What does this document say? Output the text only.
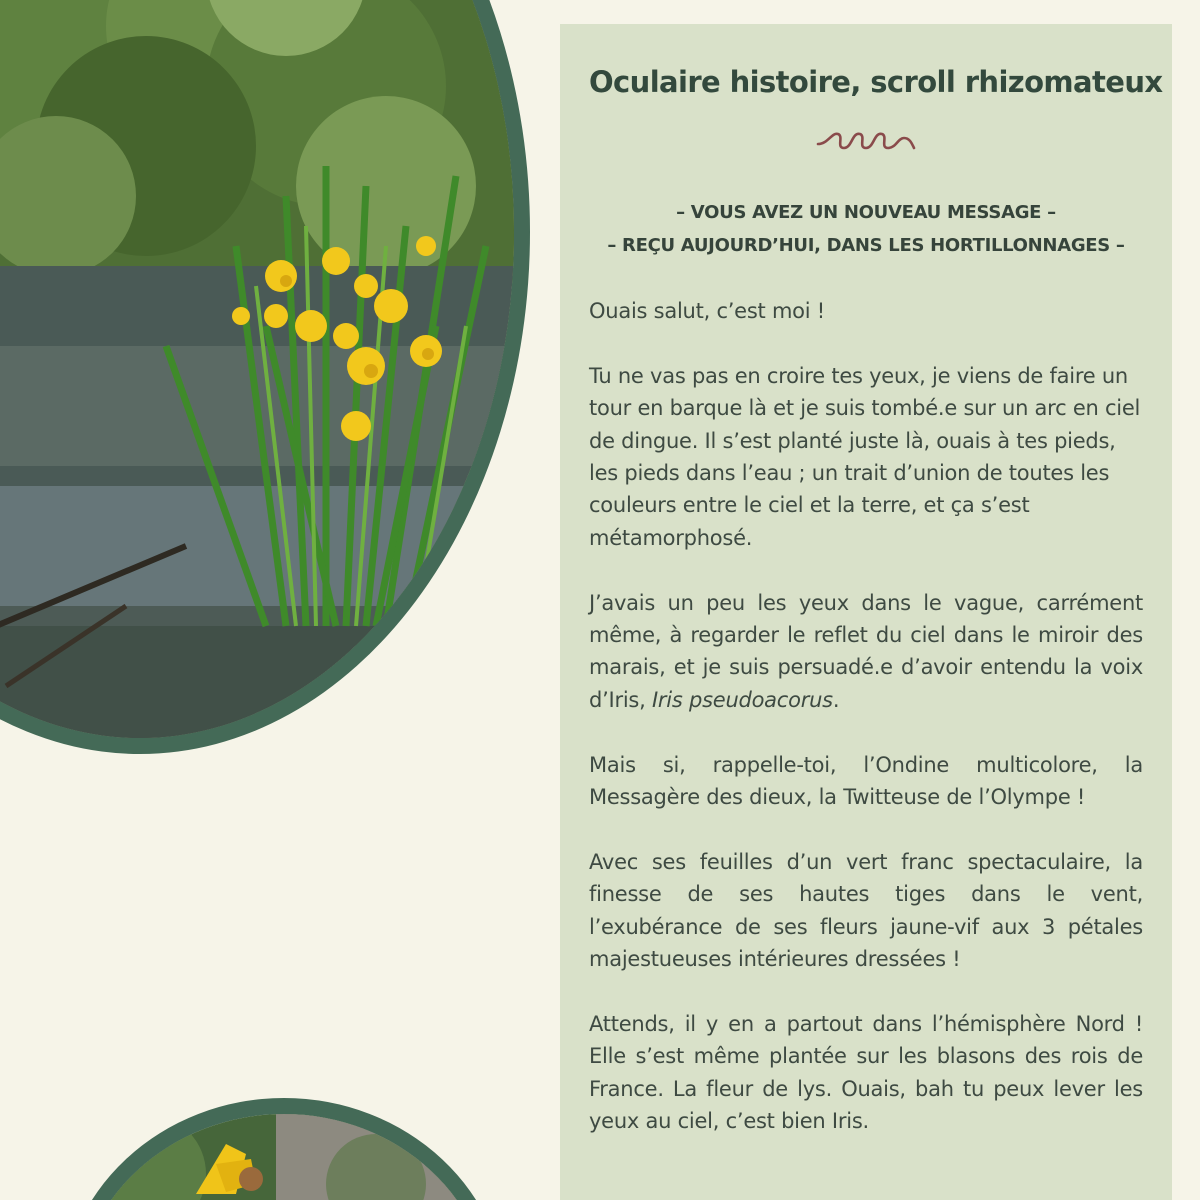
Oculaire histoire, scroll rhizomateux
– VOUS AVEZ UN NOUVEAU MESSAGE –
– REÇU AUJOURD’HUI, DANS LES HORTILLONNAGES –

Ouais salut, c’est moi !

Tu ne vas pas en croire tes yeux, je viens de faire un tour en barque là et je suis tombé.e sur un arc en ciel de dingue. Il s’est planté juste là, ouais à tes pieds, les pieds dans l’eau ; un trait d’union de toutes les couleurs entre le ciel et la terre, et ça s’est métamorphosé.

J’avais un peu les yeux dans le vague, carrément même, à regarder le reflet du ciel dans le miroir des marais, et je suis persuadé.e d’avoir entendu la voix d’Iris, Iris pseudoacorus.

Mais si, rappelle-toi, l’Ondine multicolore, la Messagère des dieux, la Twitteuse de l’Olympe !

Avec ses feuilles d’un vert franc spectaculaire, la finesse de ses hautes tiges dans le vent, l’exubérance de ses fleurs jaune-vif aux 3 pétales majestueuses intérieures dressées !

Attends, il y en a partout dans l’hémisphère Nord ! Elle s’est même plantée sur les blasons des rois de France. La fleur de lys. Ouais, bah tu peux lever les yeux au ciel, c’est bien Iris.
